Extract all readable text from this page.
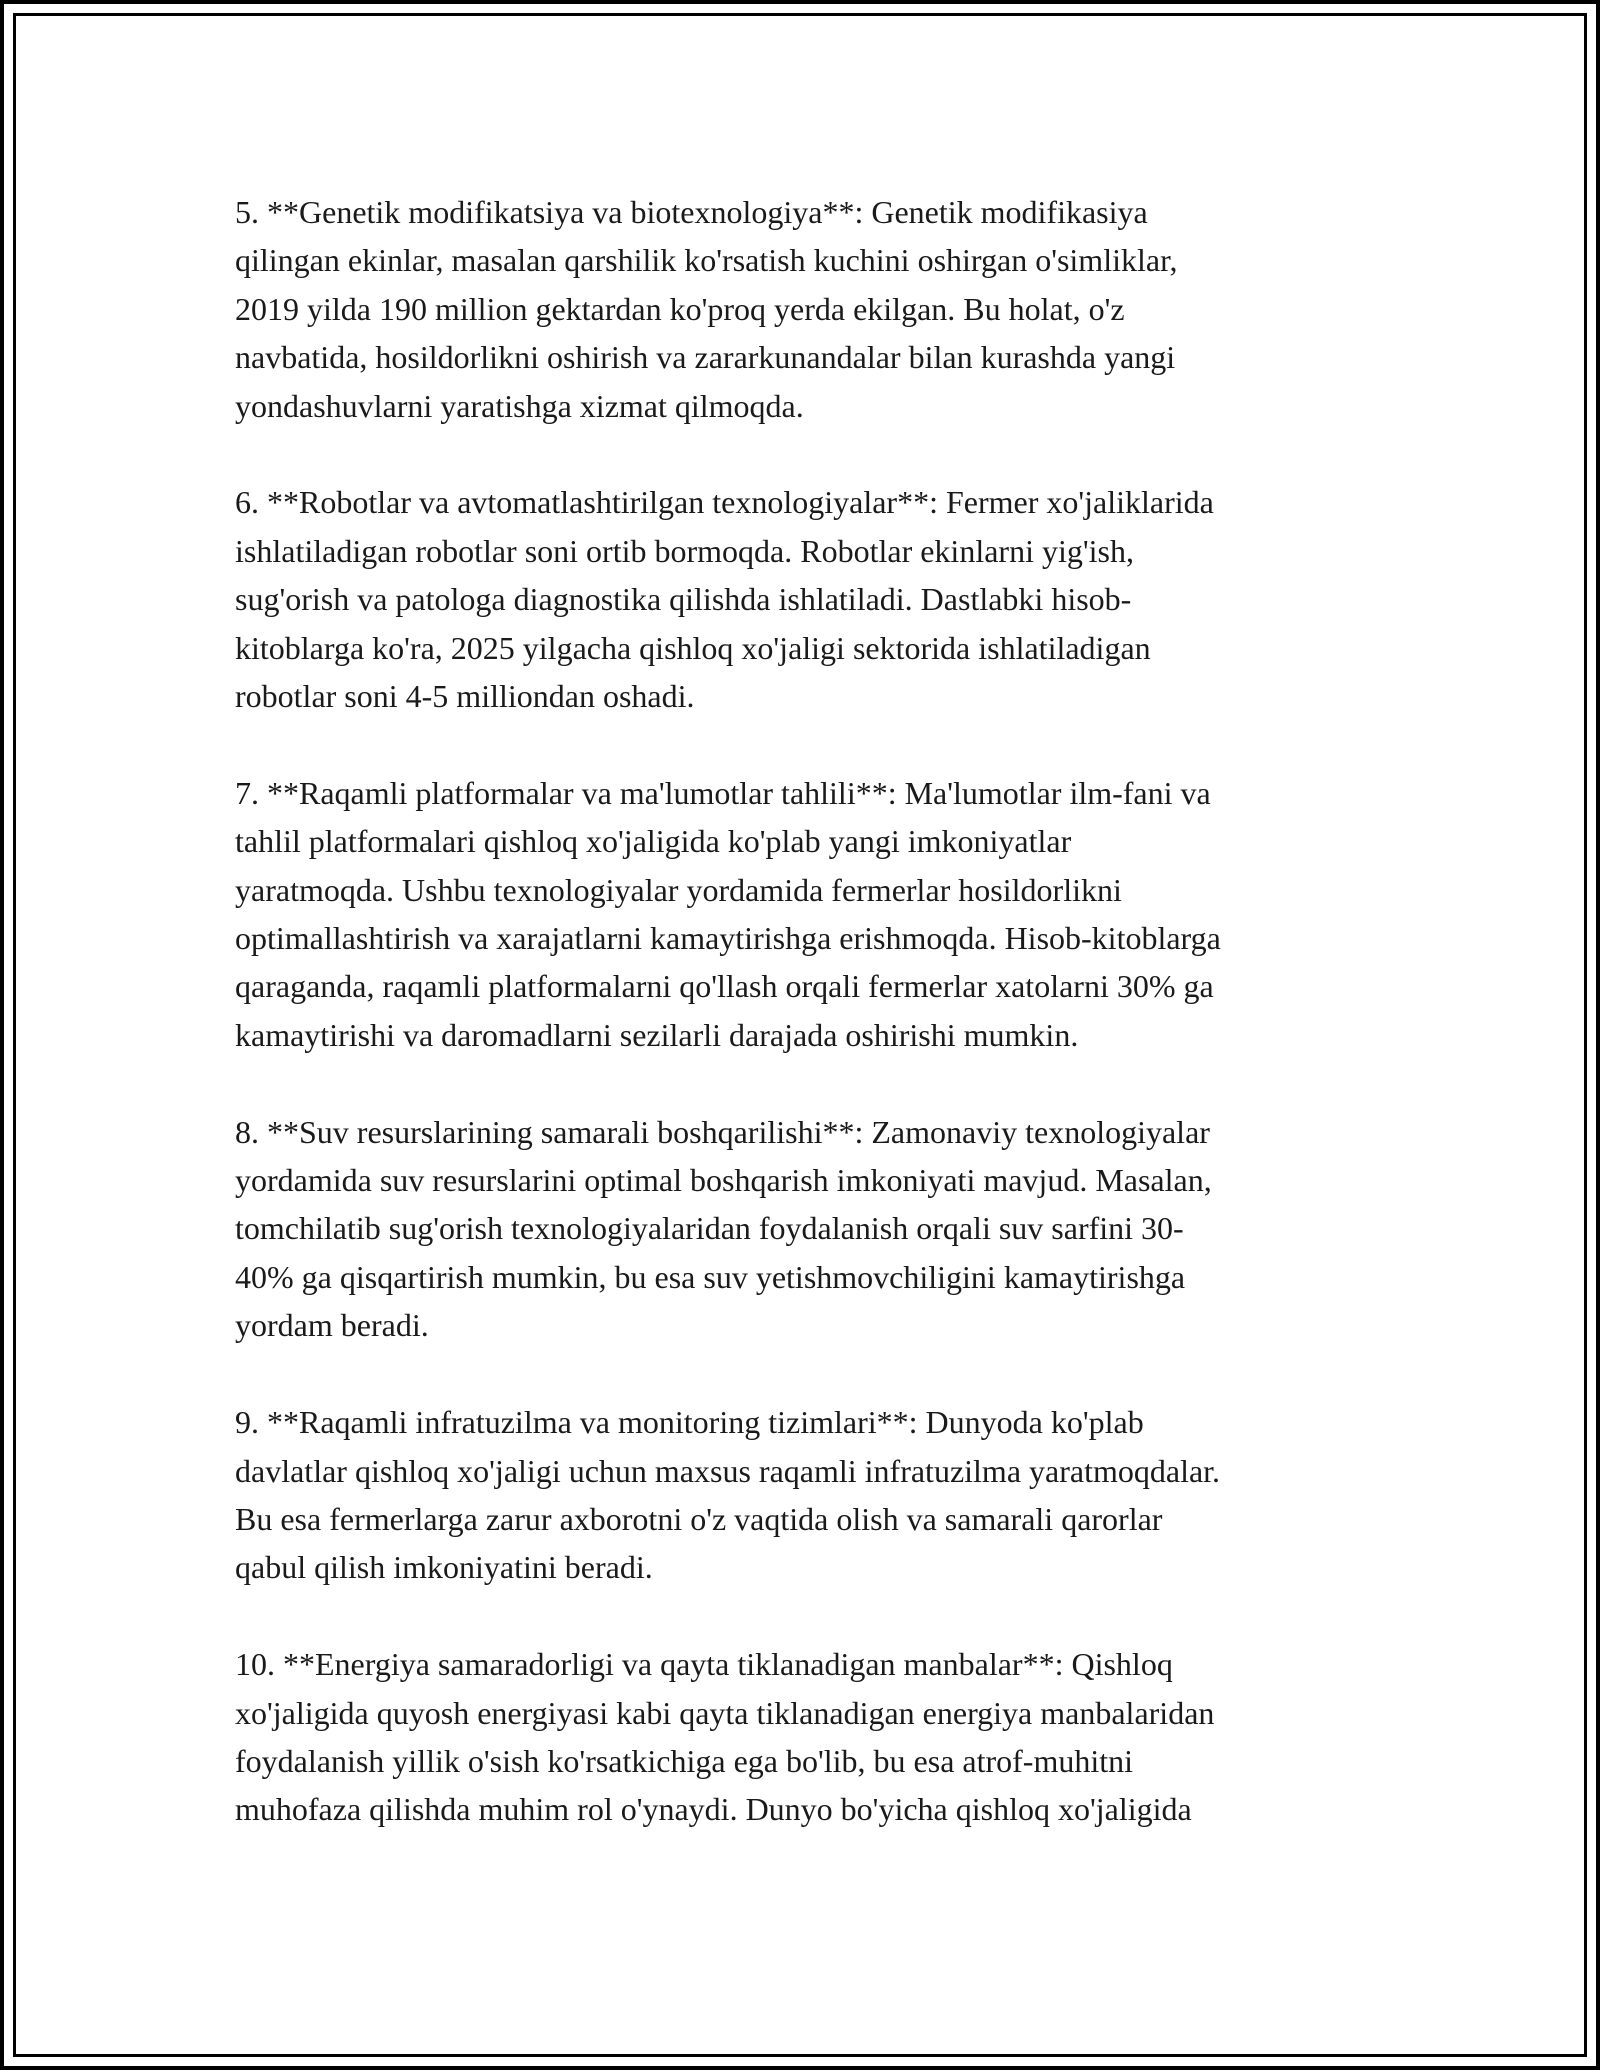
5. **Genetik modifikatsiya va biotexnologiya**: Genetik modifikasiya
qilingan ekinlar, masalan qarshilik ko'rsatish kuchini oshirgan o'simliklar,
2019 yilda 190 million gektardan ko'proq yerda ekilgan. Bu holat, o'z
navbatida, hosildorlikni oshirish va zararkunandalar bilan kurashda yangi
yondashuvlarni yaratishga xizmat qilmoqda.

6. **Robotlar va avtomatlashtirilgan texnologiyalar**: Fermer xo'jaliklarida
ishlatiladigan robotlar soni ortib bormoqda. Robotlar ekinlarni yig'ish,
sug'orish va patologa diagnostika qilishda ishlatiladi. Dastlabki hisob-
kitoblarga ko'ra, 2025 yilgacha qishloq xo'jaligi sektorida ishlatiladigan
robotlar soni 4-5 milliondan oshadi.

7. **Raqamli platformalar va ma'lumotlar tahlili**: Ma'lumotlar ilm-fani va
tahlil platformalari qishloq xo'jaligida ko'plab yangi imkoniyatlar
yaratmoqda. Ushbu texnologiyalar yordamida fermerlar hosildorlikni
optimallashtirish va xarajatlarni kamaytirishga erishmoqda. Hisob-kitoblarga
qaraganda, raqamli platformalarni qo'llash orqali fermerlar xatolarni 30% ga
kamaytirishi va daromadlarni sezilarli darajada oshirishi mumkin.

8. **Suv resurslarining samarali boshqarilishi**: Zamonaviy texnologiyalar
yordamida suv resurslarini optimal boshqarish imkoniyati mavjud. Masalan,
tomchilatib sug'orish texnologiyalaridan foydalanish orqali suv sarfini 30-
40% ga qisqartirish mumkin, bu esa suv yetishmovchiligini kamaytirishga
yordam beradi.

9. **Raqamli infratuzilma va monitoring tizimlari**: Dunyoda ko'plab
davlatlar qishloq xo'jaligi uchun maxsus raqamli infratuzilma yaratmoqdalar.
Bu esa fermerlarga zarur axborotni o'z vaqtida olish va samarali qarorlar
qabul qilish imkoniyatini beradi.

10. **Energiya samaradorligi va qayta tiklanadigan manbalar**: Qishloq
xo'jaligida quyosh energiyasi kabi qayta tiklanadigan energiya manbalaridan
foydalanish yillik o'sish ko'rsatkichiga ega bo'lib, bu esa atrof-muhitni
muhofaza qilishda muhim rol o'ynaydi. Dunyo bo'yicha qishloq xo'jaligida
